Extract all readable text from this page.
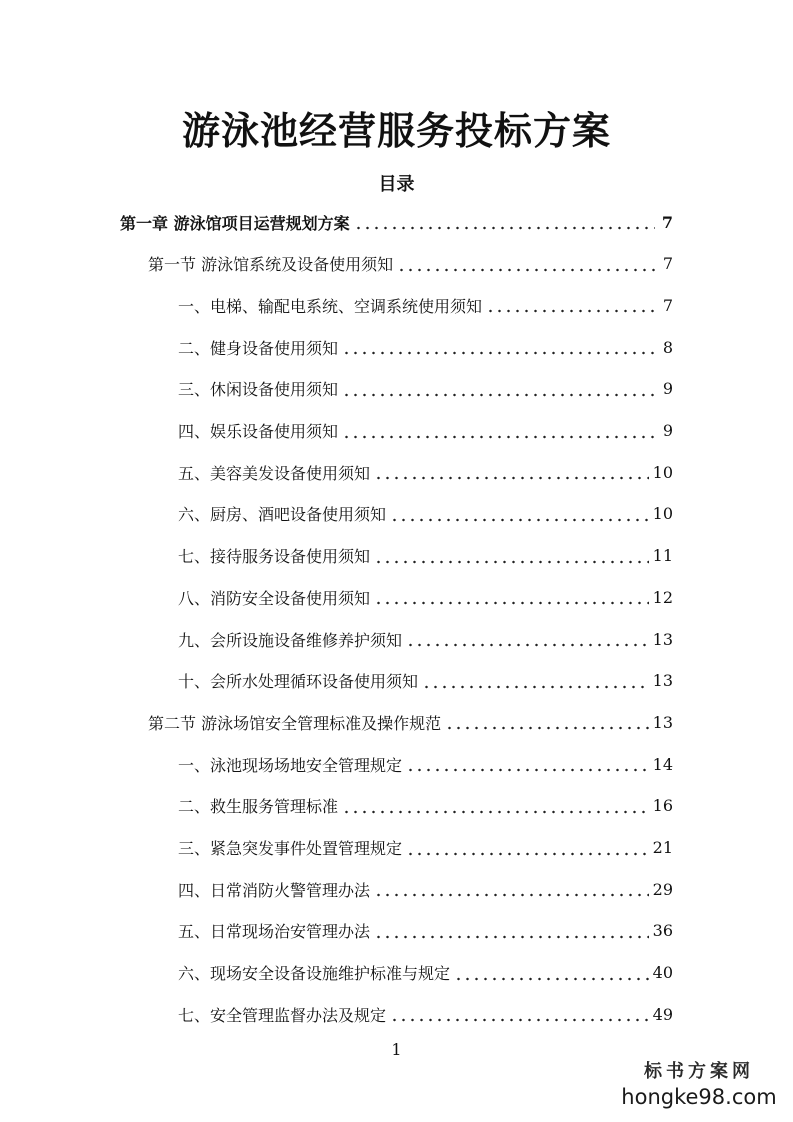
游泳池经营服务投标方案
目录
第一章 游泳馆项目运营规划方案	7
第一节 游泳馆系统及设备使用须知	7
一、电梯、输配电系统、空调系统使用须知	7
二、健身设备使用须知	8
三、休闲设备使用须知	9
四、娱乐设备使用须知	9
五、美容美发设备使用须知	10
六、厨房、酒吧设备使用须知	10
七、接待服务设备使用须知	11
八、消防安全设备使用须知	12
九、会所设施设备维修养护须知	13
十、会所水处理循环设备使用须知	13
第二节 游泳场馆安全管理标准及操作规范	13
一、泳池现场场地安全管理规定	14
二、救生服务管理标准	16
三、紧急突发事件处置管理规定	21
四、日常消防火警管理办法	29
五、日常现场治安管理办法	36
六、现场安全设备设施维护标准与规定	40
七、安全管理监督办法及规定	49
1
标书方案网
hongke98.com
